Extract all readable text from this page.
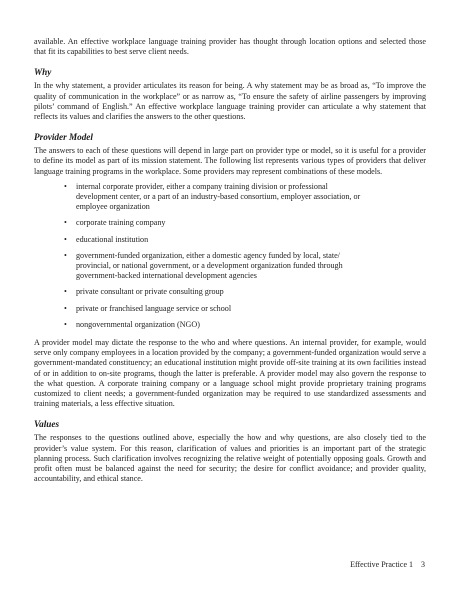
available. An effective workplace language training provider has thought through location options and selected those that fit its capabilities to best serve client needs.

Why

In the why statement, a provider articulates its reason for being. A why statement may be as broad as, “To improve the quality of communication in the workplace” or as narrow as, “To ensure the safety of airline passengers by improving pilots’ command of English.” An effective workplace language training provider can articulate a why statement that reflects its values and clarifies the answers to the other questions.

Provider Model

The answers to each of these questions will depend in large part on provider type or model, so it is useful for a provider to define its model as part of its mission statement. The following list represents various types of providers that deliver language training programs in the workplace. Some providers may represent combinations of these models.

• internal corporate provider, either a company training division or professional development center, or a part of an industry-based consortium, employer association, or employee organization
• corporate training company
• educational institution
• government-funded organization, either a domestic agency funded by local, state/ provincial, or national government, or a development organization funded through government-backed international development agencies
• private consultant or private consulting group
• private or franchised language service or school
• nongovernmental organization (NGO)

A provider model may dictate the response to the who and where questions. An internal provider, for example, would serve only company employees in a location provided by the company; a government-funded organization would serve a government-mandated constituency; an educational institution might provide off-site training at its own facilities instead of or in addition to on-site programs, though the latter is preferable. A provider model may also govern the response to the what question. A corporate training company or a language school might provide proprietary training programs customized to client needs; a government-funded organization may be required to use standardized assessments and training materials, a less effective situation.

Values

The responses to the questions outlined above, especially the how and why questions, are also closely tied to the provider’s value system. For this reason, clarification of values and priorities is an important part of the strategic planning process. Such clarification involves recognizing the relative weight of potentially opposing goals. Growth and profit often must be balanced against the need for security; the desire for conflict avoidance; and provider quality, accountability, and ethical stance.

Effective Practice 1 3
